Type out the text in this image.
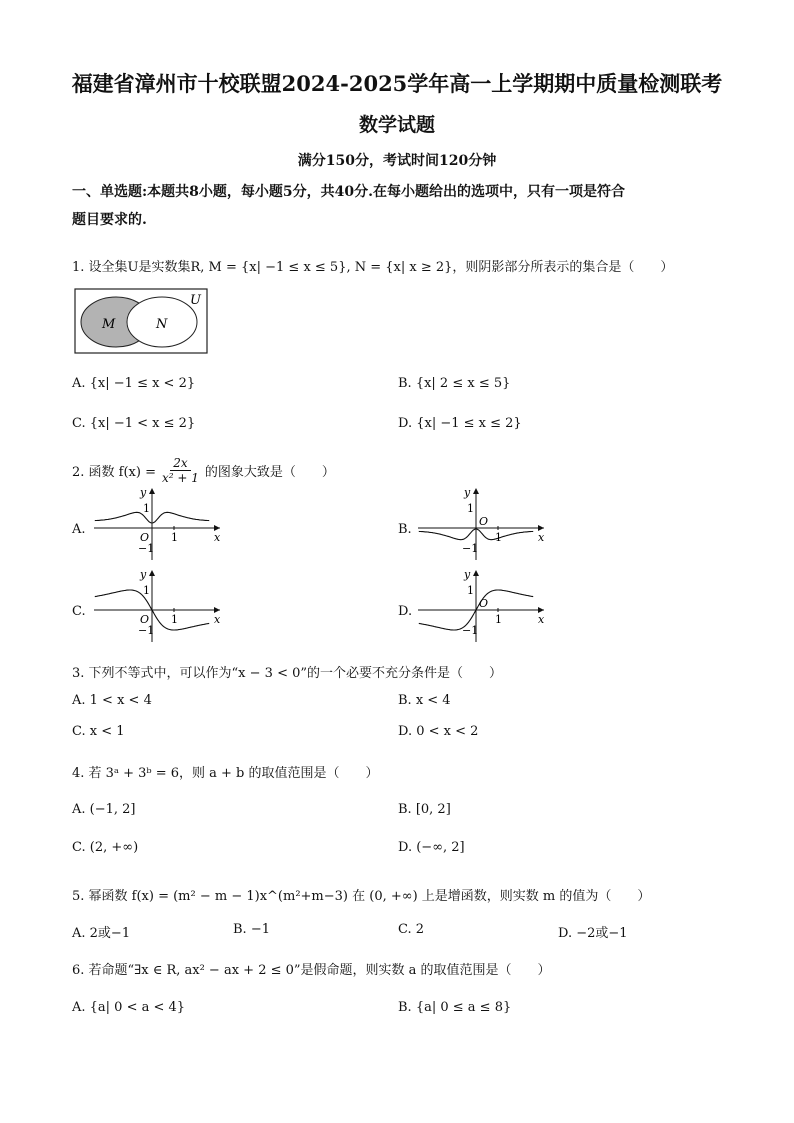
福建省漳州市十校联盟2024-2025学年高一上学期期中质量检测联考
数学试题
满分150分，考试时间120分钟
一、单选题:本题共8小题，每小题5分，共40分.在每小题给出的选项中，只有一项是符合
题目要求的.
1. 设全集U是实数集R, M = {x| −1 ≤ x ≤ 5}, N = {x| x ≥ 2}，则阴影部分所表示的集合是（　　）
M	N
U
A. {x| −1 ≤ x < 2}	B. {x| 2 ≤ x ≤ 5}
C. {x| −1 < x ≤ 2}	D. {x| −1 ≤ x ≤ 2}
2. 函数 $f(x) = \frac{2x}{\text{x² + 1}}$ 的图象大致是（　　）
A.	B.
C.	D.
y
x
O
1
−1
1
y
x
O
1
−1
1
y
x
O
1
−1
1
y
x
O
1
−1
1
3. 下列不等式中，可以作为“x − 3 < 0”的一个必要不充分条件是（　　）
A. 1 < x < 4	B. x < 4
C. x < 1	D. 0 < x < 2
4. 若 3ᵃ + 3ᵇ = 6，则 a + b 的取值范围是（　　）
A. (−1, 2]	B. [0, 2]
C. (2, +∞)	D. (−∞, 2]
5. 幂函数 f(x) = (m² − m − 1)x^(m²+m−3) 在 (0, +∞) 上是增函数，则实数 m 的值为（　　）
A. 2或−1	B. −1	C. 2	D. −2或−1
6. 若命题“∃x ∈ R, ax² − ax + 2 ≤ 0”是假命题，则实数 a 的取值范围是（　　）
A. {a| 0 < a < 4}	B. {a| 0 ≤ a ≤ 8}
